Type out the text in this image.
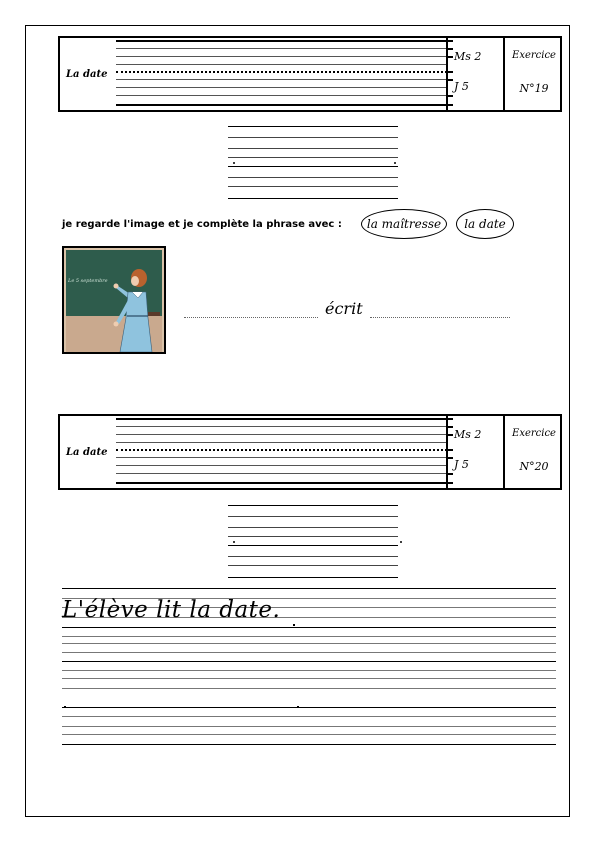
La date
Ms 2
J 5
Exercice
N°19
je regarde l'image et je complète la phrase avec : la maîtresse la date
Le 5 septembre
écrit
La date
Ms 2
J 5
Exercice
N°20
L'élève lit la date.
